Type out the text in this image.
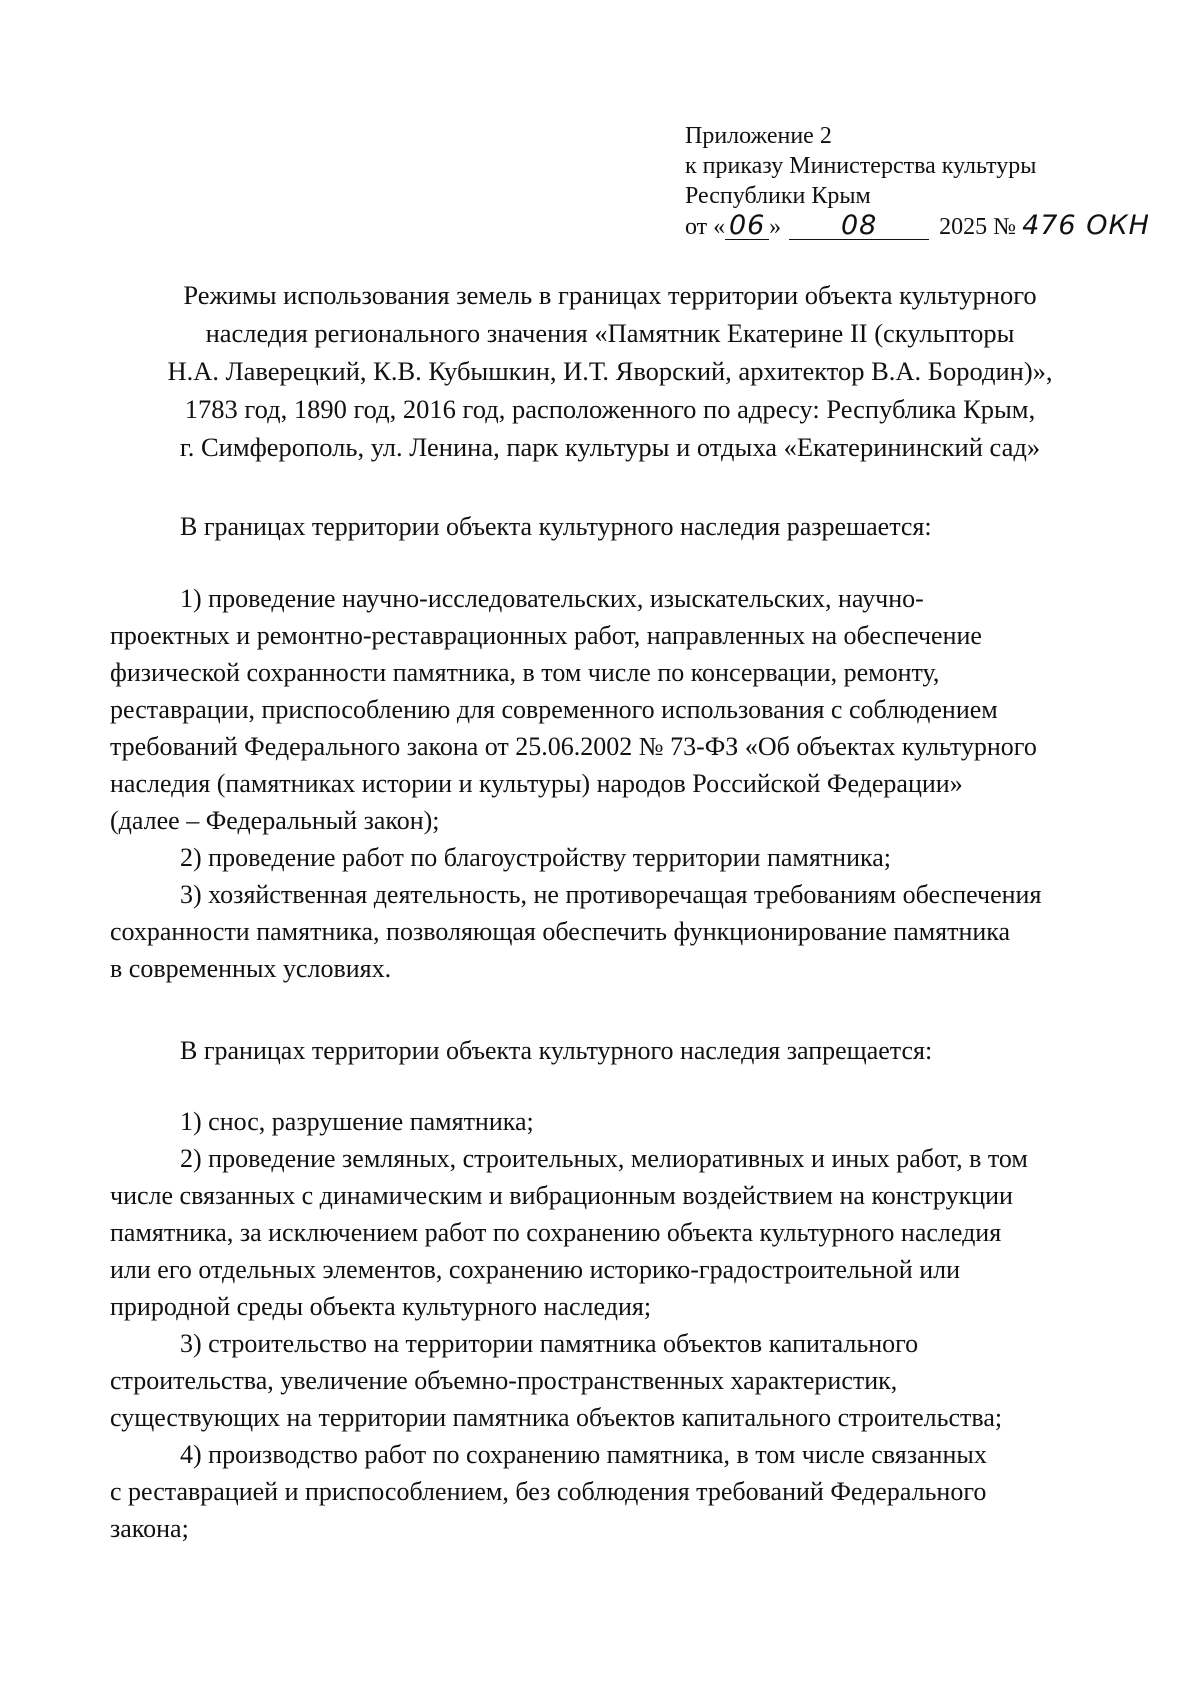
Приложение 2
к приказу Министерства культуры
Республики Крым
от « 06 » 08	2025 № 476 ОКН
Режимы использования земель в границах территории объекта культурного
наследия регионального значения «Памятник Екатерине II (скульпторы
Н.А. Лаверецкий, К.В. Кубышкин, И.Т. Яворский, архитектор В.А. Бородин)»,
1783 год, 1890 год, 2016 год, расположенного по адресу: Республика Крым,
г. Симферополь, ул. Ленина, парк культуры и отдыха «Екатерининский сад»
В границах территории объекта культурного наследия разрешается:
1) проведение научно-исследовательских, изыскательских, научно-
проектных и ремонтно-реставрационных работ, направленных на обеспечение
физической сохранности памятника, в том числе по консервации, ремонту,
реставрации, приспособлению для современного использования с соблюдением
требований Федерального закона от 25.06.2002 № 73-ФЗ «Об объектах культурного
наследия (памятниках истории и культуры) народов Российской Федерации»
(далее – Федеральный закон);
2) проведение работ по благоустройству территории памятника;
3) хозяйственная деятельность, не противоречащая требованиям обеспечения
сохранности памятника, позволяющая обеспечить функционирование памятника
в современных условиях.
В границах территории объекта культурного наследия запрещается:
1) снос, разрушение памятника;
2) проведение земляных, строительных, мелиоративных и иных работ, в том
числе связанных с динамическим и вибрационным воздействием на конструкции
памятника, за исключением работ по сохранению объекта культурного наследия
или его отдельных элементов, сохранению историко-градостроительной или
природной среды объекта культурного наследия;
3) строительство на территории памятника объектов капитального
строительства, увеличение объемно-пространственных характеристик,
существующих на территории памятника объектов капитального строительства;
4) производство работ по сохранению памятника, в том числе связанных
с реставрацией и приспособлением, без соблюдения требований Федерального
закона;
